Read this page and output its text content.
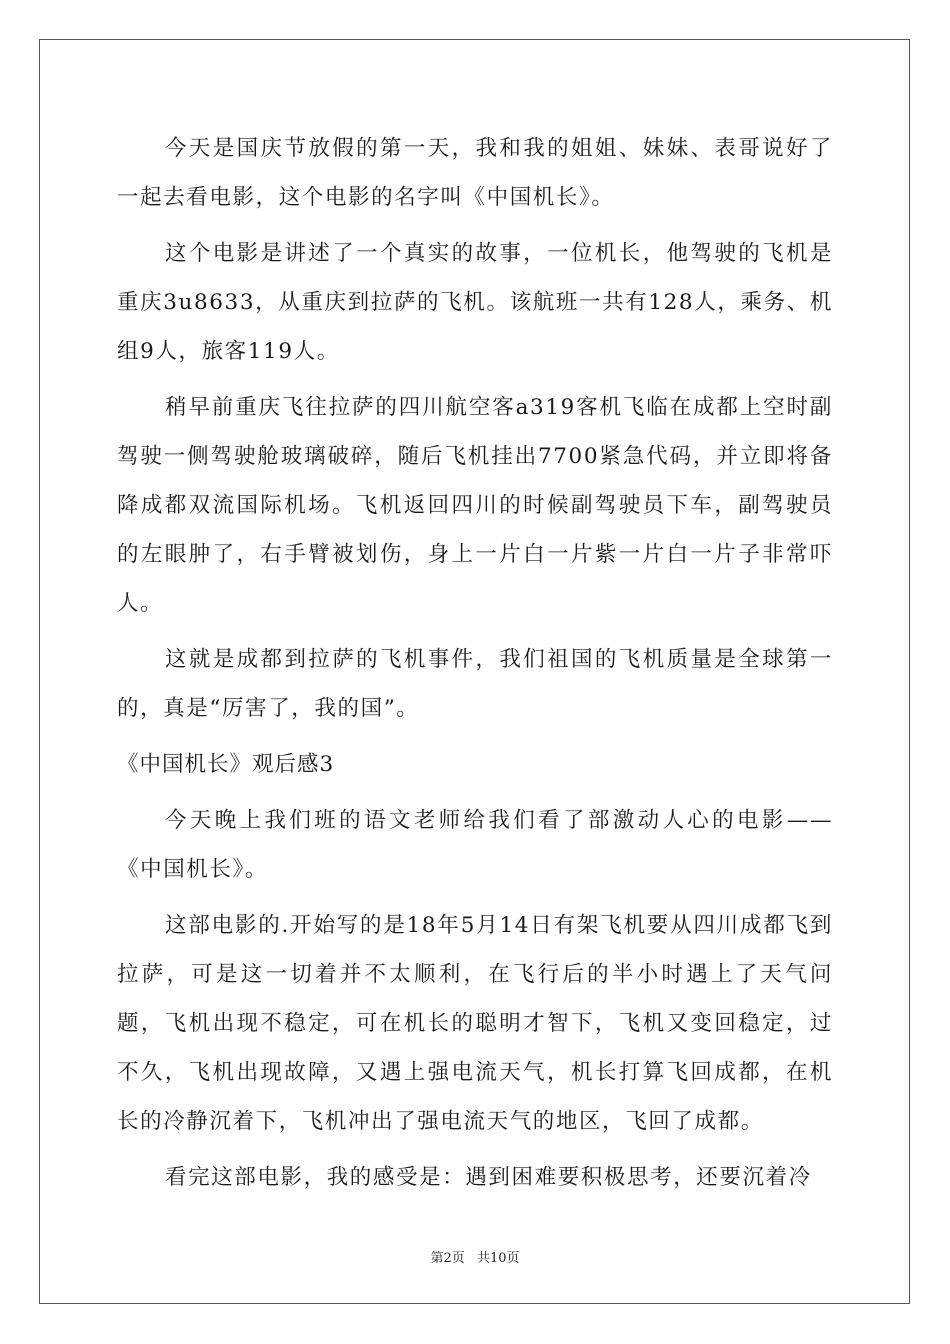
今天是国庆节放假的第一天，我和我的姐姐、妹妹、表哥说好了一起去看电影，这个电影的名字叫《中国机长》。

这个电影是讲述了一个真实的故事，一位机长，他驾驶的飞机是重庆3u8633，从重庆到拉萨的飞机。该航班一共有128人，乘务、机组9人，旅客119人。

稍早前重庆飞往拉萨的四川航空客a319客机飞临在成都上空时副驾驶一侧驾驶舱玻璃破碎，随后飞机挂出7700紧急代码，并立即将备降成都双流国际机场。飞机返回四川的时候副驾驶员下车，副驾驶员的左眼肿了，右手臂被划伤，身上一片白一片紫一片白一片子非常吓人。

这就是成都到拉萨的飞机事件，我们祖国的飞机质量是全球第一的，真是“厉害了，我的国”。

《中国机长》观后感3

今天晚上我们班的语文老师给我们看了部激动人心的电影——《中国机长》。

这部电影的.开始写的是18年5月14日有架飞机要从四川成都飞到拉萨，可是这一切着并不太顺利，在飞行后的半小时遇上了天气问题，飞机出现不稳定，可在机长的聪明才智下，飞机又变回稳定，过不久，飞机出现故障，又遇上强电流天气，机长打算飞回成都，在机长的冷静沉着下，飞机冲出了强电流天气的地区，飞回了成都。

看完这部电影，我的感受是：遇到困难要积极思考，还要沉着冷

第2页 共10页
